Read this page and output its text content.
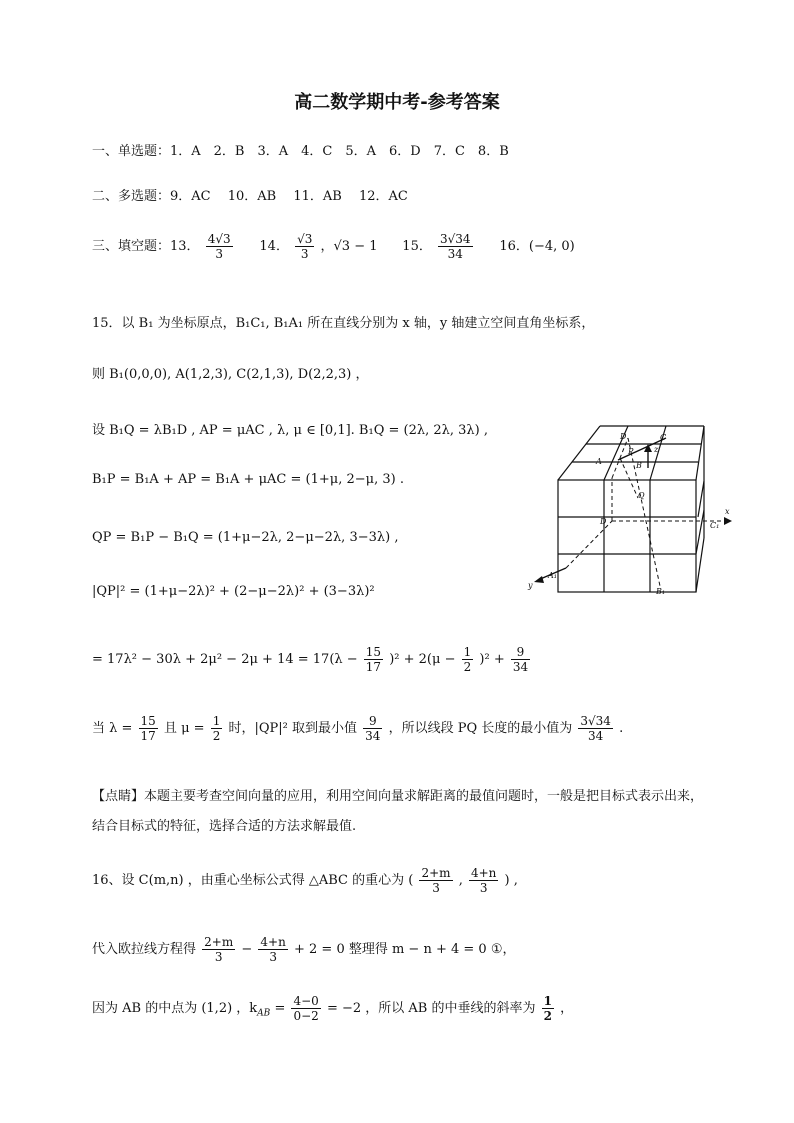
高二数学期中考-参考答案
一、单选题：1．A　2．B　3．A　4．C　5．A　6．D　7．C　8．B
二、多选题：9．AC　 10．AB　 11．AB　 12．AC
三、填空题：13． $\frac{4√3}{3} 14$． $\frac{√3}{3}$ ，√3 − 1 15． $\frac{3√34}{34} 16$．(−4, 0)
15．以 B₁ 为坐标原点，B₁C₁, B₁A₁ 所在直线分别为 x 轴，y 轴建立空间直角坐标系，
则 B₁(0,0,0), A(1,2,3), C(2,1,3), D(2,2,3) ，
设 B₁Q = λB₁D , AP = μAC , λ, μ ∈ [0,1]. B₁Q = (2λ, 2λ, 3λ) ,
B₁P = B₁A + AP = B₁A + μAC = (1+μ, 2−μ, 3) .
QP = B₁P − B₁Q = (1+μ−2λ, 2−μ−2λ, 3−3λ) ,
|QP|² = (1+μ−2λ)² + (2−μ−2λ)² + (3−3λ)²
= $17\lambda^2 - 30\lambda + 2\mu^2 - 2\mu + 14 = 17(\lambda - \frac{15}{17} )^2 + 2(\mu - \frac{1}{2} )^2 + \frac{9}{34}$
当 $\lambda = \frac{15}{17}$ 且 $\mu = \frac{1}{2}$ 时，|QP|² 取到最小值 $\frac{9}{34}$ ，所以线段 PQ 长度的最小值为 $\frac{3√34}{34}$ .
【点睛】本题主要考查空间向量的应用，利用空间向量求解距离的最值问题时，一般是把目标式表示出来，结合目标式的特征，选择合适的方法求解最值.
16、设 C(m,n) ，由重心坐标公式得 △ABC 的重心为 ( $\frac{2+m}{3}$ , $\frac{4+n}{3}$ ) ,
代入欧拉线方程得 $\frac{2+m}{3} - \frac{4+n}{3} + 2 = 0$ 整理得 m − n + 4 = 0 ①，
因为 AB 的中点为 (1,2) ，$k_{AB} = \frac{4-0}{0-2} = -2$ ，所以 AB 的中垂线的斜率为 $\frac{1}{2}$ ，
D	C
A
P
B
z
Q
D
x
C₁
y
A₁
B₁
